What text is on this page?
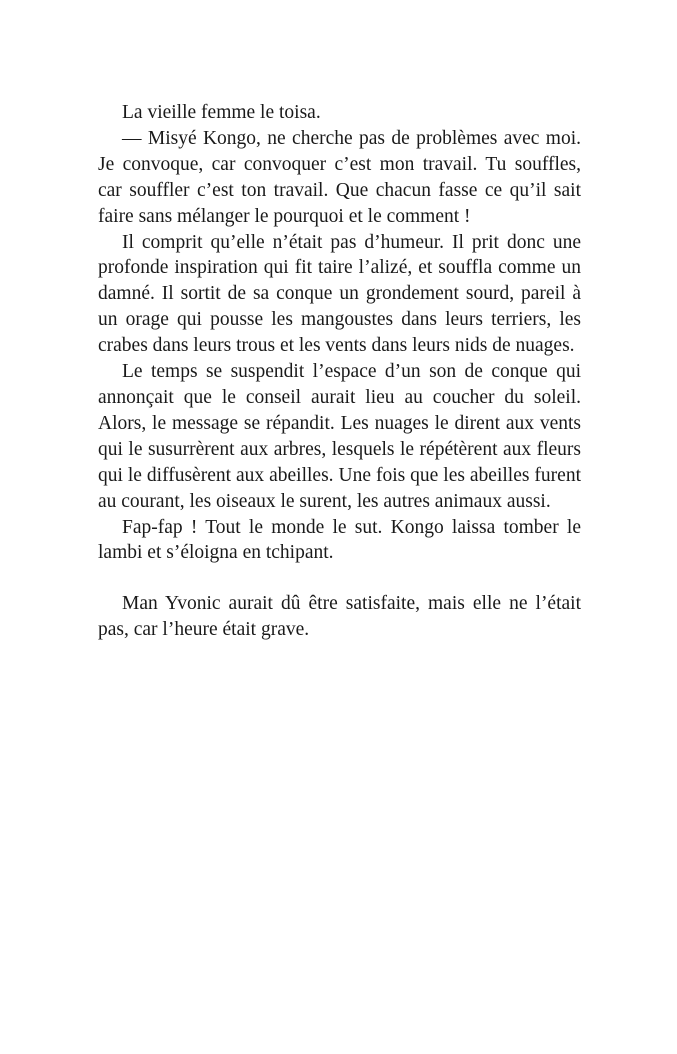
La vieille femme le toisa.

— Misyé Kongo, ne cherche pas de problèmes avec moi. Je convoque, car convoquer c’est mon travail. Tu souffles, car souffler c’est ton travail. Que chacun fasse ce qu’il sait faire sans mélanger le pourquoi et le comment !

Il comprit qu’elle n’était pas d’humeur. Il prit donc une profonde inspiration qui fit taire l’alizé, et souffla comme un damné. Il sortit de sa conque un grondement sourd, pareil à un orage qui pousse les mangoustes dans leurs terriers, les crabes dans leurs trous et les vents dans leurs nids de nuages.

Le temps se suspendit l’espace d’un son de conque qui annonçait que le conseil aurait lieu au coucher du soleil. Alors, le message se répandit. Les nuages le dirent aux vents qui le susurrèrent aux arbres, lesquels le répétèrent aux fleurs qui le diffusèrent aux abeilles. Une fois que les abeilles furent au courant, les oiseaux le surent, les autres animaux aussi.

Fap-fap ! Tout le monde le sut. Kongo laissa tomber le lambi et s’éloigna en tchipant.

Man Yvonic aurait dû être satisfaite, mais elle ne l’était pas, car l’heure était grave.
